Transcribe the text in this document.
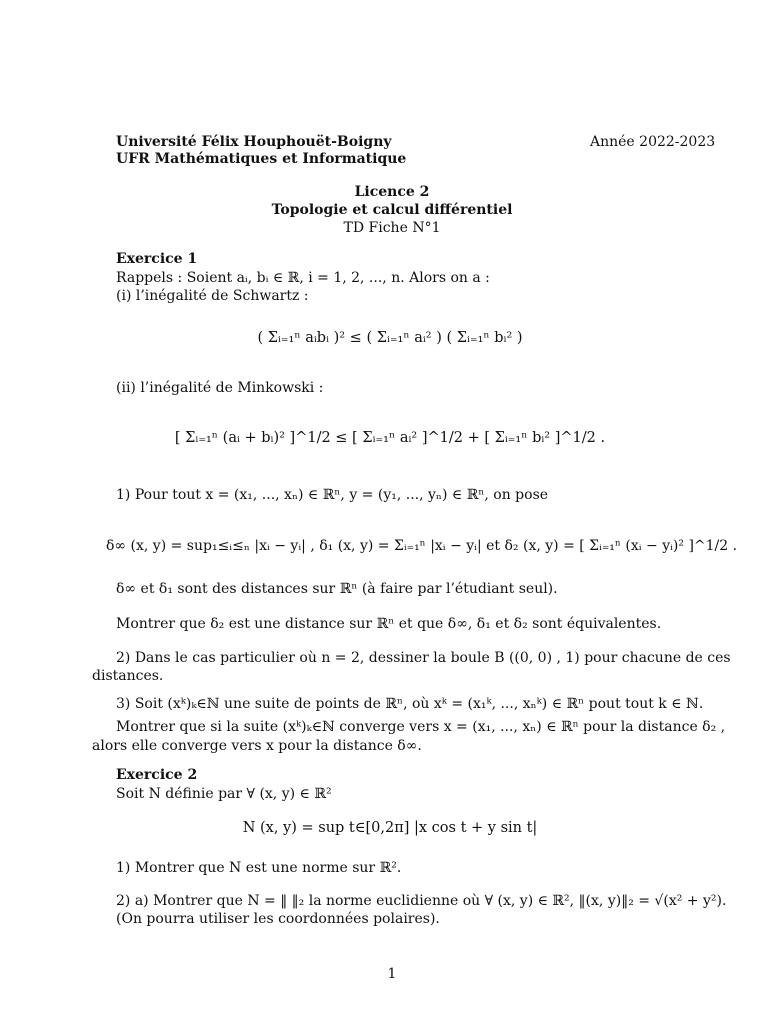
Université Félix Houphouët-Boigny
UFR Mathématiques et Informatique
Année 2022-2023
Licence 2
Topologie et calcul différentiel
TD Fiche N°1
Exercice 1
Rappels : Soient aᵢ, bᵢ ∈ ℝ, i = 1, 2, ..., n. Alors on a :
(i) l’inégalité de Schwartz :
( Σᵢ₌₁ⁿ aᵢbᵢ )² ≤ ( Σᵢ₌₁ⁿ aᵢ² ) ( Σᵢ₌₁ⁿ bᵢ² )
(ii) l’inégalité de Minkowski :
[ Σᵢ₌₁ⁿ (aᵢ + bᵢ)² ]^1/2 ≤ [ Σᵢ₌₁ⁿ aᵢ² ]^1/2 + [ Σᵢ₌₁ⁿ bᵢ² ]^1/2 .
1) Pour tout x = (x₁, ..., xₙ) ∈ ℝⁿ, y = (y₁, ..., yₙ) ∈ ℝⁿ, on pose
δ∞ (x, y) = sup₁≤ᵢ≤ₙ |xᵢ − yᵢ| , δ₁ (x, y) = Σᵢ₌₁ⁿ |xᵢ − yᵢ| et δ₂ (x, y) = [ Σᵢ₌₁ⁿ (xᵢ − yᵢ)² ]^1/2 .
δ∞ et δ₁ sont des distances sur ℝⁿ (à faire par l’étudiant seul).
Montrer que δ₂ est une distance sur ℝⁿ et que δ∞, δ₁ et δ₂ sont équivalentes.
2) Dans le cas particulier où n = 2, dessiner la boule B ((0, 0) , 1) pour chacune de ces
distances.
3) Soit (xᵏ)ₖ∈ℕ une suite de points de ℝⁿ, où xᵏ = (x₁ᵏ, ..., xₙᵏ) ∈ ℝⁿ pout tout k ∈ ℕ.
Montrer que si la suite (xᵏ)ₖ∈ℕ converge vers x = (x₁, ..., xₙ) ∈ ℝⁿ pour la distance δ₂ ,
alors elle converge vers x pour la distance δ∞.
Exercice 2
Soit N définie par ∀ (x, y) ∈ ℝ²
N (x, y) = sup t∈[0,2π] |x cos t + y sin t|
1) Montrer que N est une norme sur ℝ².
2) a) Montrer que N = ‖ ‖₂ la norme euclidienne où ∀ (x, y) ∈ ℝ², ‖(x, y)‖₂ = √(x² + y²).
(On pourra utiliser les coordonnées polaires).
1
